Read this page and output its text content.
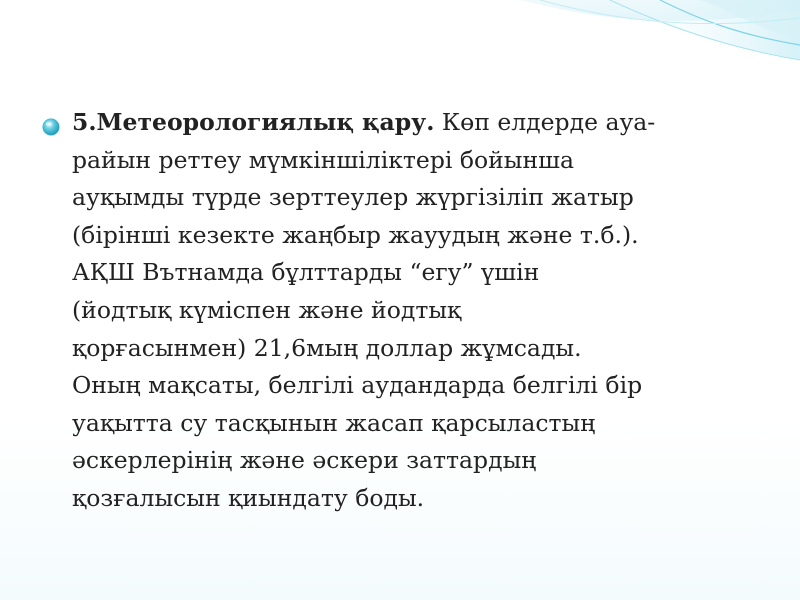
5.Метеорологиялық қару. Көп елдерде ауа-
райын реттеу мүмкіншіліктері бойынша
ауқымды түрде зерттеулер жүргізіліп жатыр
(бірінші кезекте жаңбыр жауудың және т.б.).
АҚШ Вътнамда бұлттарды “егу” үшін
(йодтық күміспен және йодтық
қорғасынмен) 21,6мың доллар жұмсады.
Оның мақсаты, белгілі аудандарда белгілі бір
уақытта су тасқынын жасап қарсыластың
әскерлерінің және әскери заттардың
қозғалысын қиындату боды.
